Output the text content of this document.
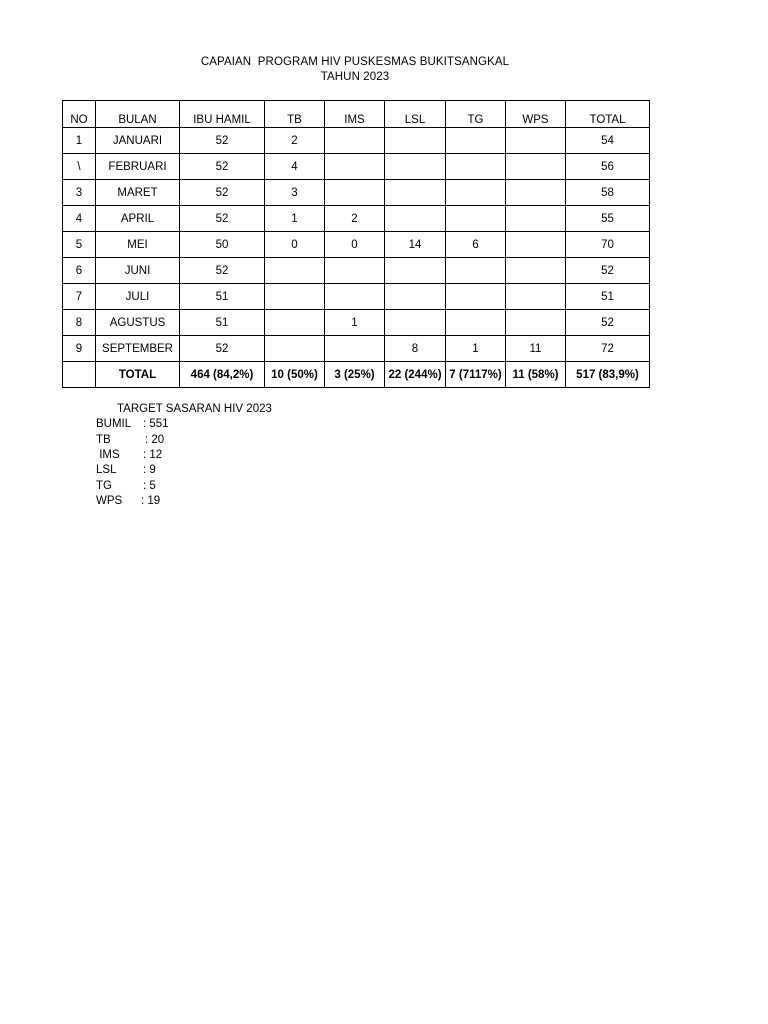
CAPAIAN  PROGRAM HIV PUSKESMAS BUKITSANGKAL
TAHUN 2023
NO	BULAN	IBU HAMIL	TB	IMS	LSL	TG	WPS	TOTAL
1	JANUARI	52	2					54
\	FEBRUARI	52	4					56
3	MARET	52	3					58
4	APRIL	52	1	2				55
5	MEI	50	0	0	14	6		70
6	JUNI	52						52
7	JULI	51						51
8	AGUSTUS	51		1				52
9	SEPTEMBER	52			8	1	11	72
	TOTAL	464 (84,2%)	10 (50%)	3 (25%)	22 (244%)	7 (7117%)	11 (58%)	517 (83,9%)
TARGET SASARAN HIV 2023

BUMIL

: 551

TB

	: 20

IMS

: 12

LSL

: 9

TG

	: 5

WPS

: 19
